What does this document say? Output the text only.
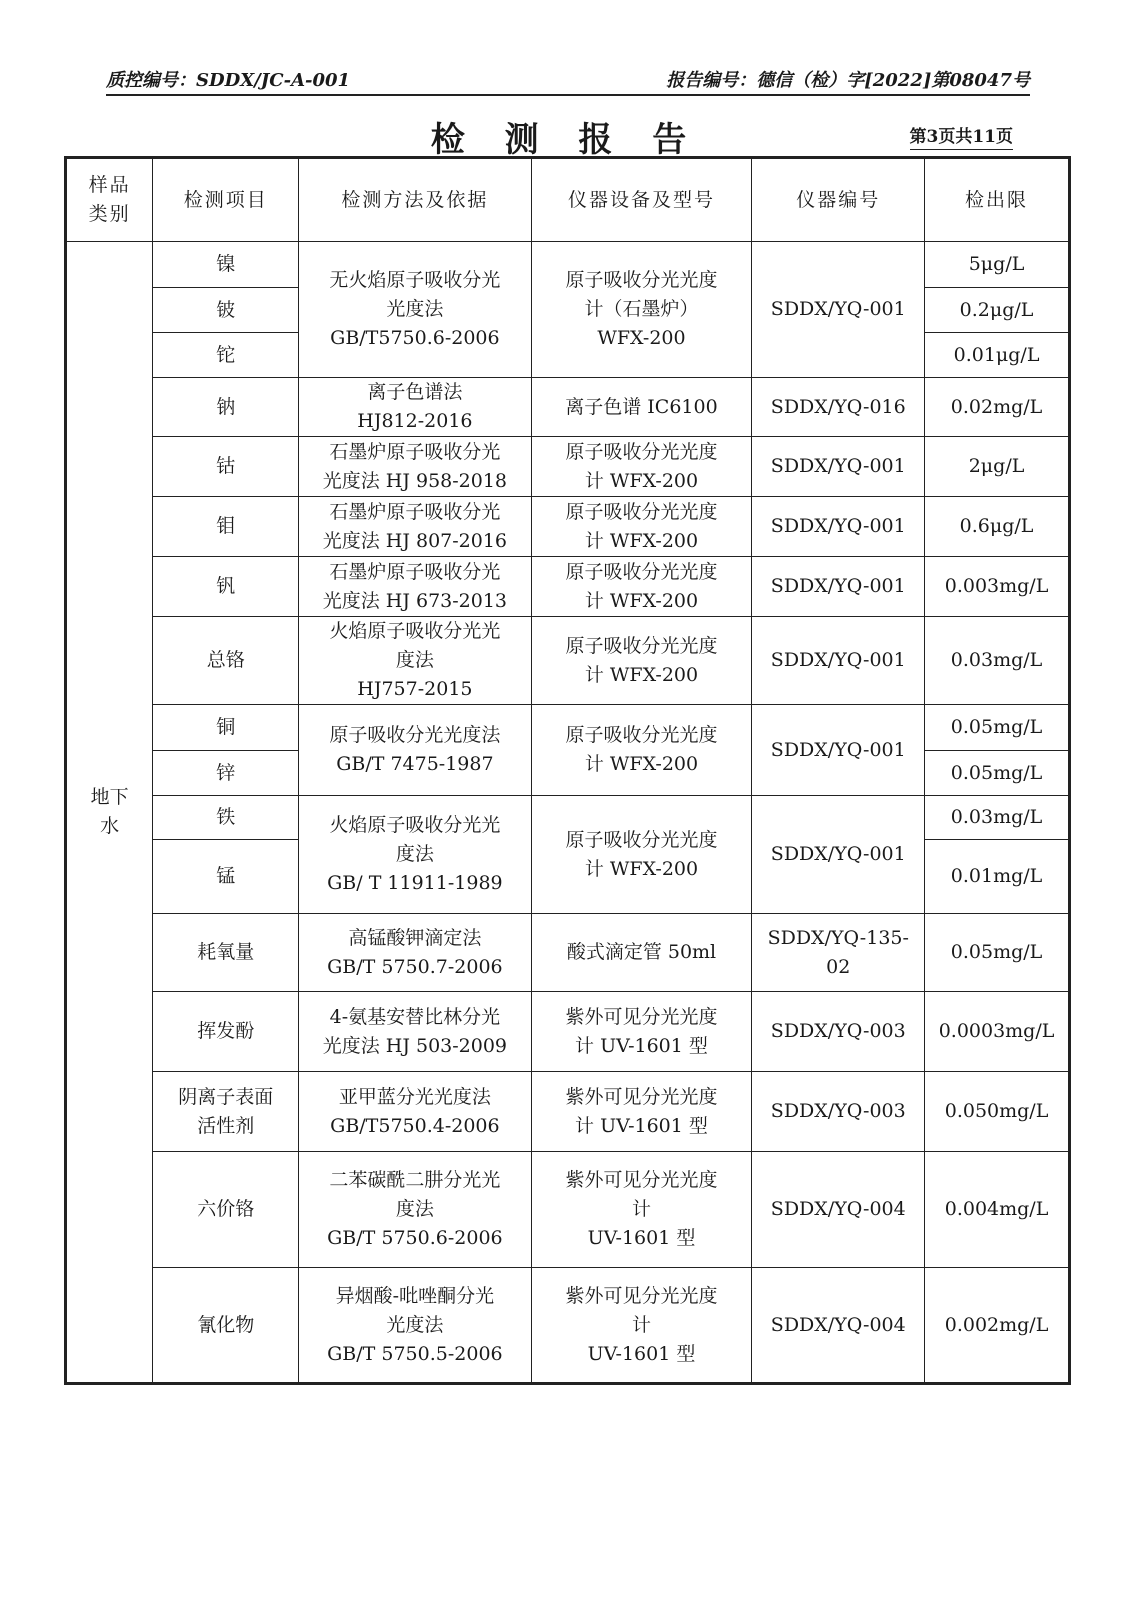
质控编号：SDDX/JC-A-001	报告编号：德信（检）字[2022]第08047号
检 测 报 告	第3页共11页
样品
类别	检测项目	检测方法及依据	仪器设备及型号	仪器编号	检出限
地下
水	镍	无火焰原子吸收分光
光度法
GB/T5750.6-2006	原子吸收分光光度
计（石墨炉）
WFX-200	SDDX/YQ-001	5μg/L
	铍				0.2μg/L
	铊				0.01μg/L
	钠	离子色谱法
HJ812-2016	离子色谱 IC6100	SDDX/YQ-016	0.02mg/L
	钴	石墨炉原子吸收分光
光度法 HJ 958-2018	原子吸收分光光度
计 WFX-200	SDDX/YQ-001	2μg/L
	钼	石墨炉原子吸收分光
光度法 HJ 807-2016	原子吸收分光光度
计 WFX-200	SDDX/YQ-001	0.6μg/L
	钒	石墨炉原子吸收分光
光度法 HJ 673-2013	原子吸收分光光度
计 WFX-200	SDDX/YQ-001	0.003mg/L
	总铬	火焰原子吸收分光光
度法
HJ757-2015	原子吸收分光光度
计 WFX-200	SDDX/YQ-001	0.03mg/L
	铜	原子吸收分光光度法
GB/T 7475-1987	原子吸收分光光度
计 WFX-200	SDDX/YQ-001	0.05mg/L
	锌				0.05mg/L
	铁	火焰原子吸收分光光
度法
GB/ T 11911-1989	原子吸收分光光度
计 WFX-200	SDDX/YQ-001	0.03mg/L
	锰				0.01mg/L
	耗氧量	高锰酸钾滴定法
GB/T 5750.7-2006	酸式滴定管 50ml	SDDX/YQ-135-
02	0.05mg/L
	挥发酚	4-氨基安替比林分光
光度法 HJ 503-2009	紫外可见分光光度
计 UV-1601 型	SDDX/YQ-003	0.0003mg/L
	阴离子表面
活性剂	亚甲蓝分光光度法
GB/T5750.4-2006	紫外可见分光光度
计 UV-1601 型	SDDX/YQ-003	0.050mg/L
	六价铬	二苯碳酰二肼分光光
度法
GB/T 5750.6-2006	紫外可见分光光度
计
UV-1601 型	SDDX/YQ-004	0.004mg/L
	氰化物	异烟酸-吡唑酮分光
光度法
GB/T 5750.5-2006	紫外可见分光光度
计
UV-1601 型	SDDX/YQ-004	0.002mg/L
